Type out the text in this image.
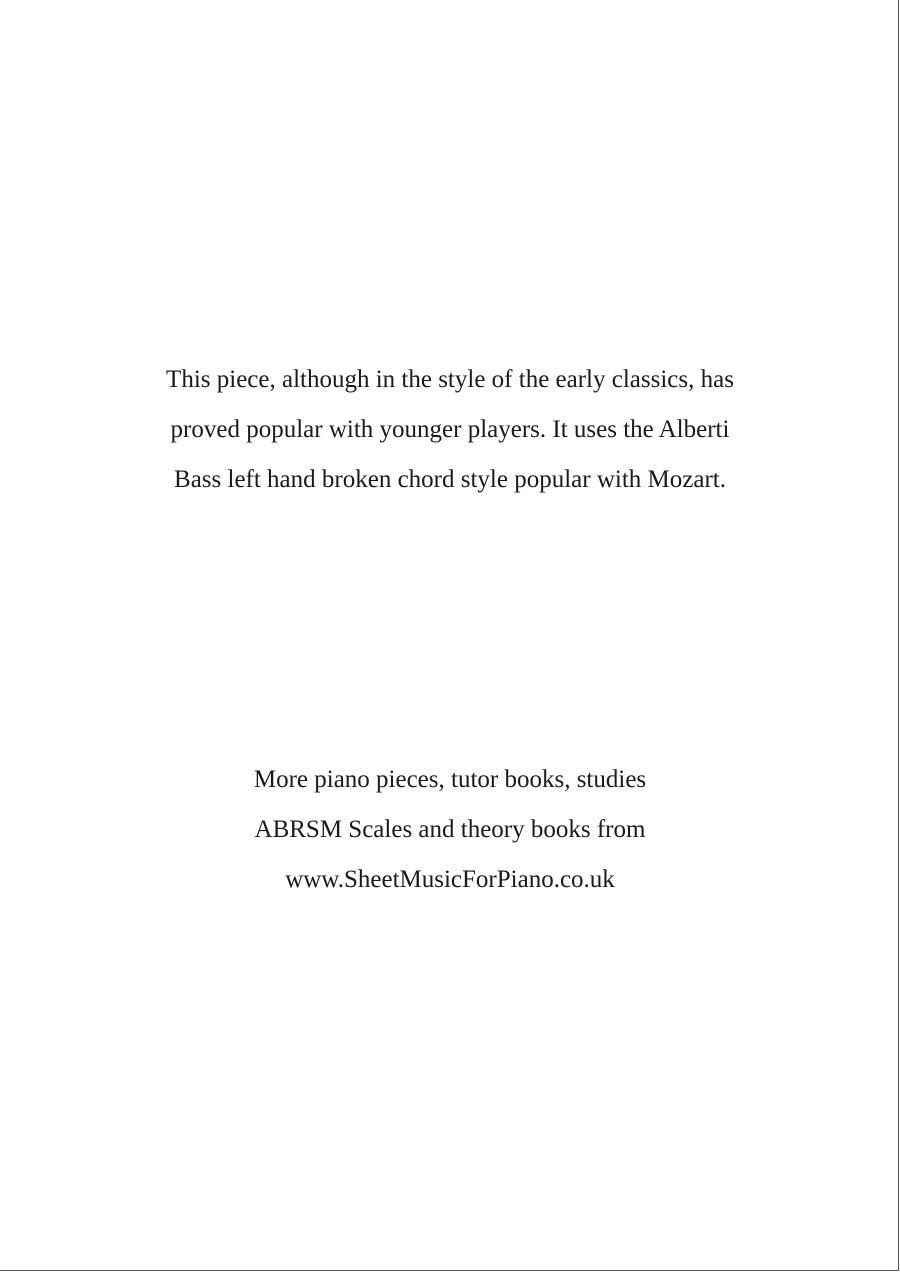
This piece, although in the style of the early classics, has
proved popular with younger players. It uses the Alberti
Bass left hand broken chord style popular with Mozart.
More piano pieces, tutor books, studies
ABRSM Scales and theory books from
www.SheetMusicForPiano.co.uk
